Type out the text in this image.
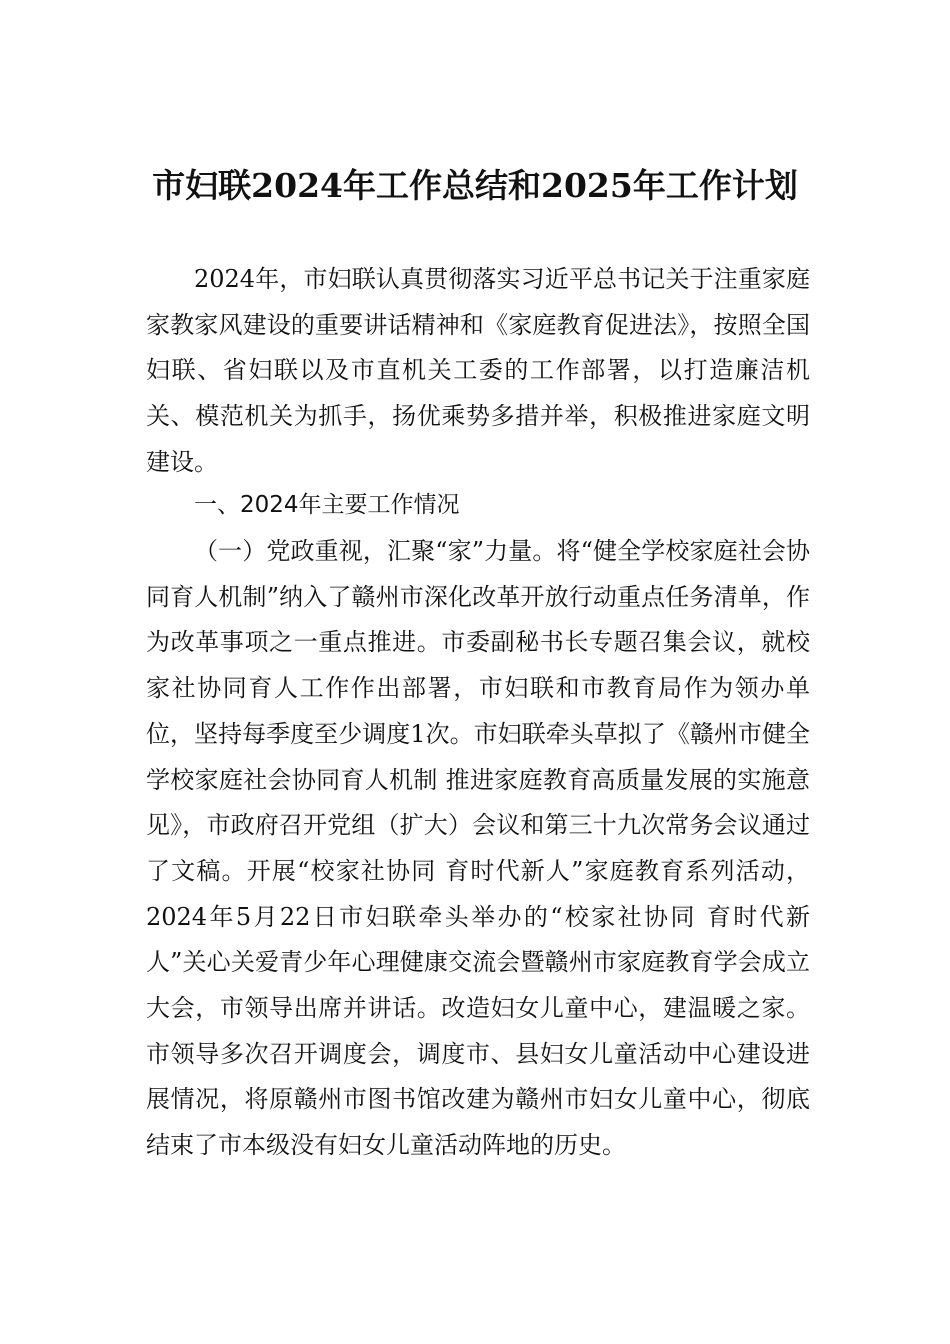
市妇联2024年工作总结和2025年工作计划

2024年，市妇联认真贯彻落实习近平总书记关于注重家庭家教家风建设的重要讲话精神和《家庭教育促进法》，按照全国妇联、省妇联以及市直机关工委的工作部署，以打造廉洁机关、模范机关为抓手，扬优乘势多措并举，积极推进家庭文明建设。

一、2024年主要工作情况

（一）党政重视，汇聚“家”力量。将“健全学校家庭社会协同育人机制”纳入了赣州市深化改革开放行动重点任务清单，作为改革事项之一重点推进。市委副秘书长专题召集会议，就校家社协同育人工作作出部署，市妇联和市教育局作为领办单位，坚持每季度至少调度1次。市妇联牵头草拟了《赣州市健全学校家庭社会协同育人机制 推进家庭教育高质量发展的实施意见》，市政府召开党组（扩大）会议和第三十九次常务会议通过了文稿。开展“校家社协同 育时代新人”家庭教育系列活动，2024年5月22日市妇联牵头举办的“校家社协同 育时代新人”关心关爱青少年心理健康交流会暨赣州市家庭教育学会成立大会，市领导出席并讲话。改造妇女儿童中心，建温暖之家。市领导多次召开调度会，调度市、县妇女儿童活动中心建设进展情况，将原赣州市图书馆改建为赣州市妇女儿童中心，彻底结束了市本级没有妇女儿童活动阵地的历史。
